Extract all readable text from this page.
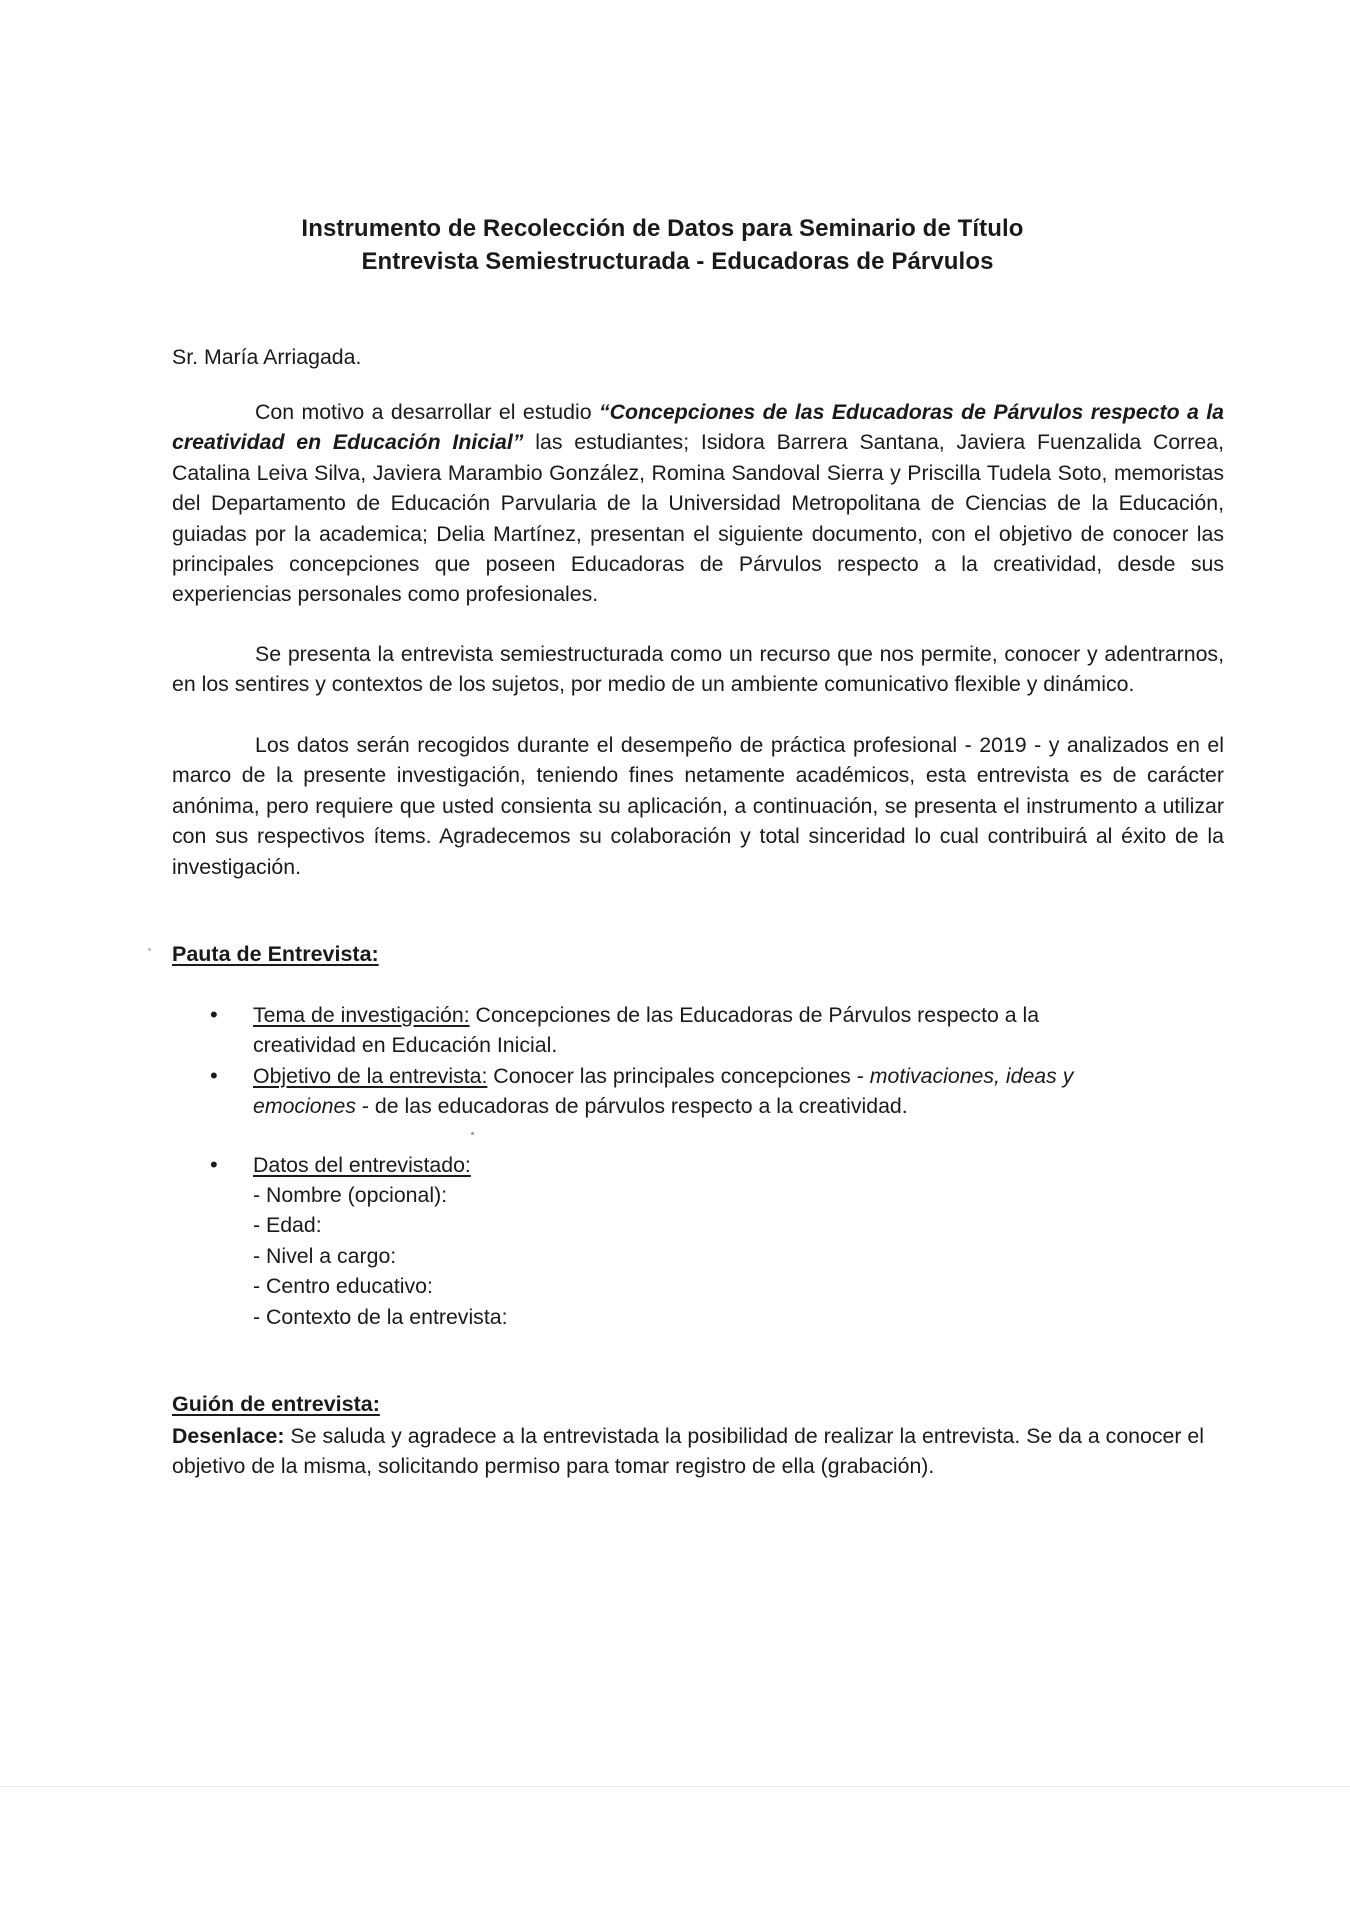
Instrumento de Recolección de Datos para Seminario de Título
Entrevista Semiestructurada - Educadoras de Párvulos
Sr. María Arriagada.
Con motivo a desarrollar el estudio “Concepciones de las Educadoras de Párvulos respecto a la creatividad en Educación Inicial” las estudiantes; Isidora Barrera Santana, Javiera Fuenzalida Correa, Catalina Leiva Silva, Javiera Marambio González, Romina Sandoval Sierra y Priscilla Tudela Soto, memoristas del Departamento de Educación Parvularia de la Universidad Metropolitana de Ciencias de la Educación, guiadas por la academica; Delia Martínez, presentan el siguiente documento, con el objetivo de conocer las principales concepciones que poseen Educadoras de Párvulos respecto a la creatividad, desde sus experiencias personales como profesionales.
Se presenta la entrevista semiestructurada como un recurso que nos permite, conocer y adentrarnos, en los sentires y contextos de los sujetos, por medio de un ambiente comunicativo flexible y dinámico.
Los datos serán recogidos durante el desempeño de práctica profesional - 2019 - y analizados en el marco de la presente investigación, teniendo fines netamente académicos, esta entrevista es de carácter anónima, pero requiere que usted consienta su aplicación, a continuación, se presenta el instrumento a utilizar con sus respectivos ítems. Agradecemos su colaboración y total sinceridad lo cual contribuirá al éxito de la investigación.
Pauta de Entrevista:
• Tema de investigación: Concepciones de las Educadoras de Párvulos respecto a la creatividad en Educación Inicial.
• Objetivo de la entrevista: Conocer las principales concepciones - motivaciones, ideas y emociones - de las educadoras de párvulos respecto a la creatividad.
• Datos del entrevistado:
- Nombre (opcional):
- Edad:
- Nivel a cargo:
- Centro educativo:
- Contexto de la entrevista:
Guión de entrevista:
Desenlace: Se saluda y agradece a la entrevistada la posibilidad de realizar la entrevista. Se da a conocer el objetivo de la misma, solicitando permiso para tomar registro de ella (grabación).
